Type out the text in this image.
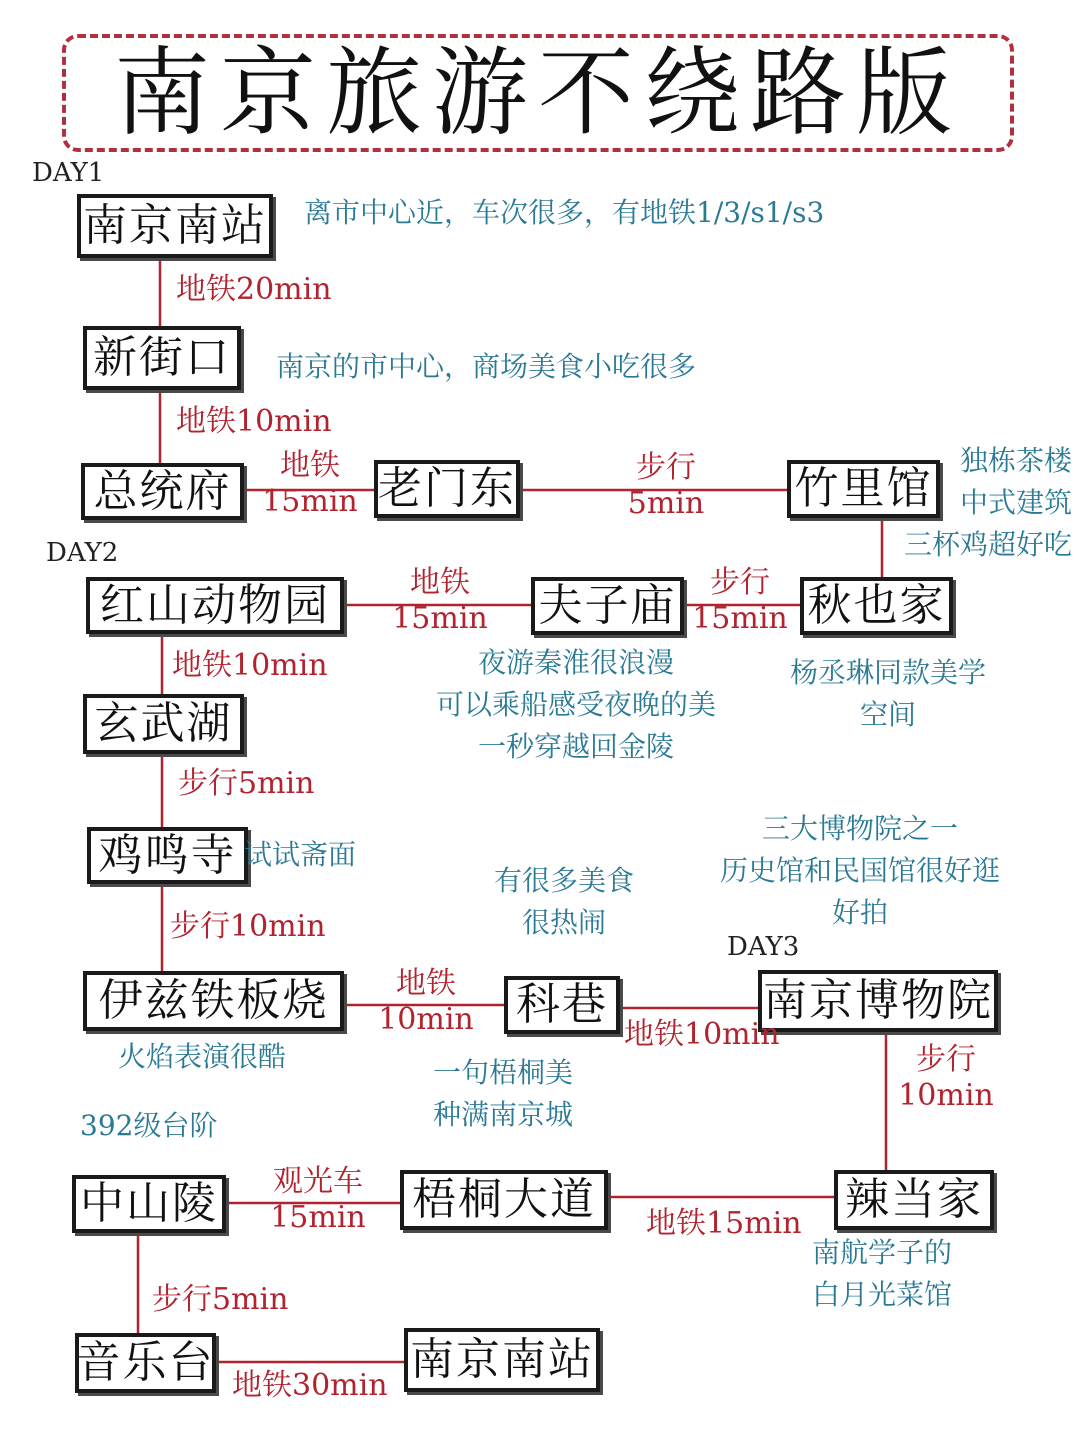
南京旅游不绕路版
DAY1
DAY2
DAY3
南京南站
新街口
总统府	老门东	竹里馆
红山动物园	夫子庙	秋也家
玄武湖
鸡鸣寺
伊兹铁板烧	科巷	南京博物院
中山陵	梧桐大道	辣当家
音乐台	南京南站
地铁20min
地铁10min
地铁
15min
步行
5min
地铁
15min
步行
15min
地铁10min
步行5min
步行10min
地铁
10min	地铁10min
步行
10min
观光车
15min	地铁15min
步行5min
地铁30min
离市中心近，车次很多，有地铁1/3/s1/s3
南京的市中心，商场美食小吃很多
独栋茶楼
中式建筑
三杯鸡超好吃
夜游秦淮很浪漫
可以乘船感受夜晚的美
一秒穿越回金陵
杨丞琳同款美学
空间
试试斋面
有很多美食
很热闹
三大博物院之一
历史馆和民国馆很好逛
好拍
火焰表演很酷	一句梧桐美
种满南京城
392级台阶
南航学子的
白月光菜馆
